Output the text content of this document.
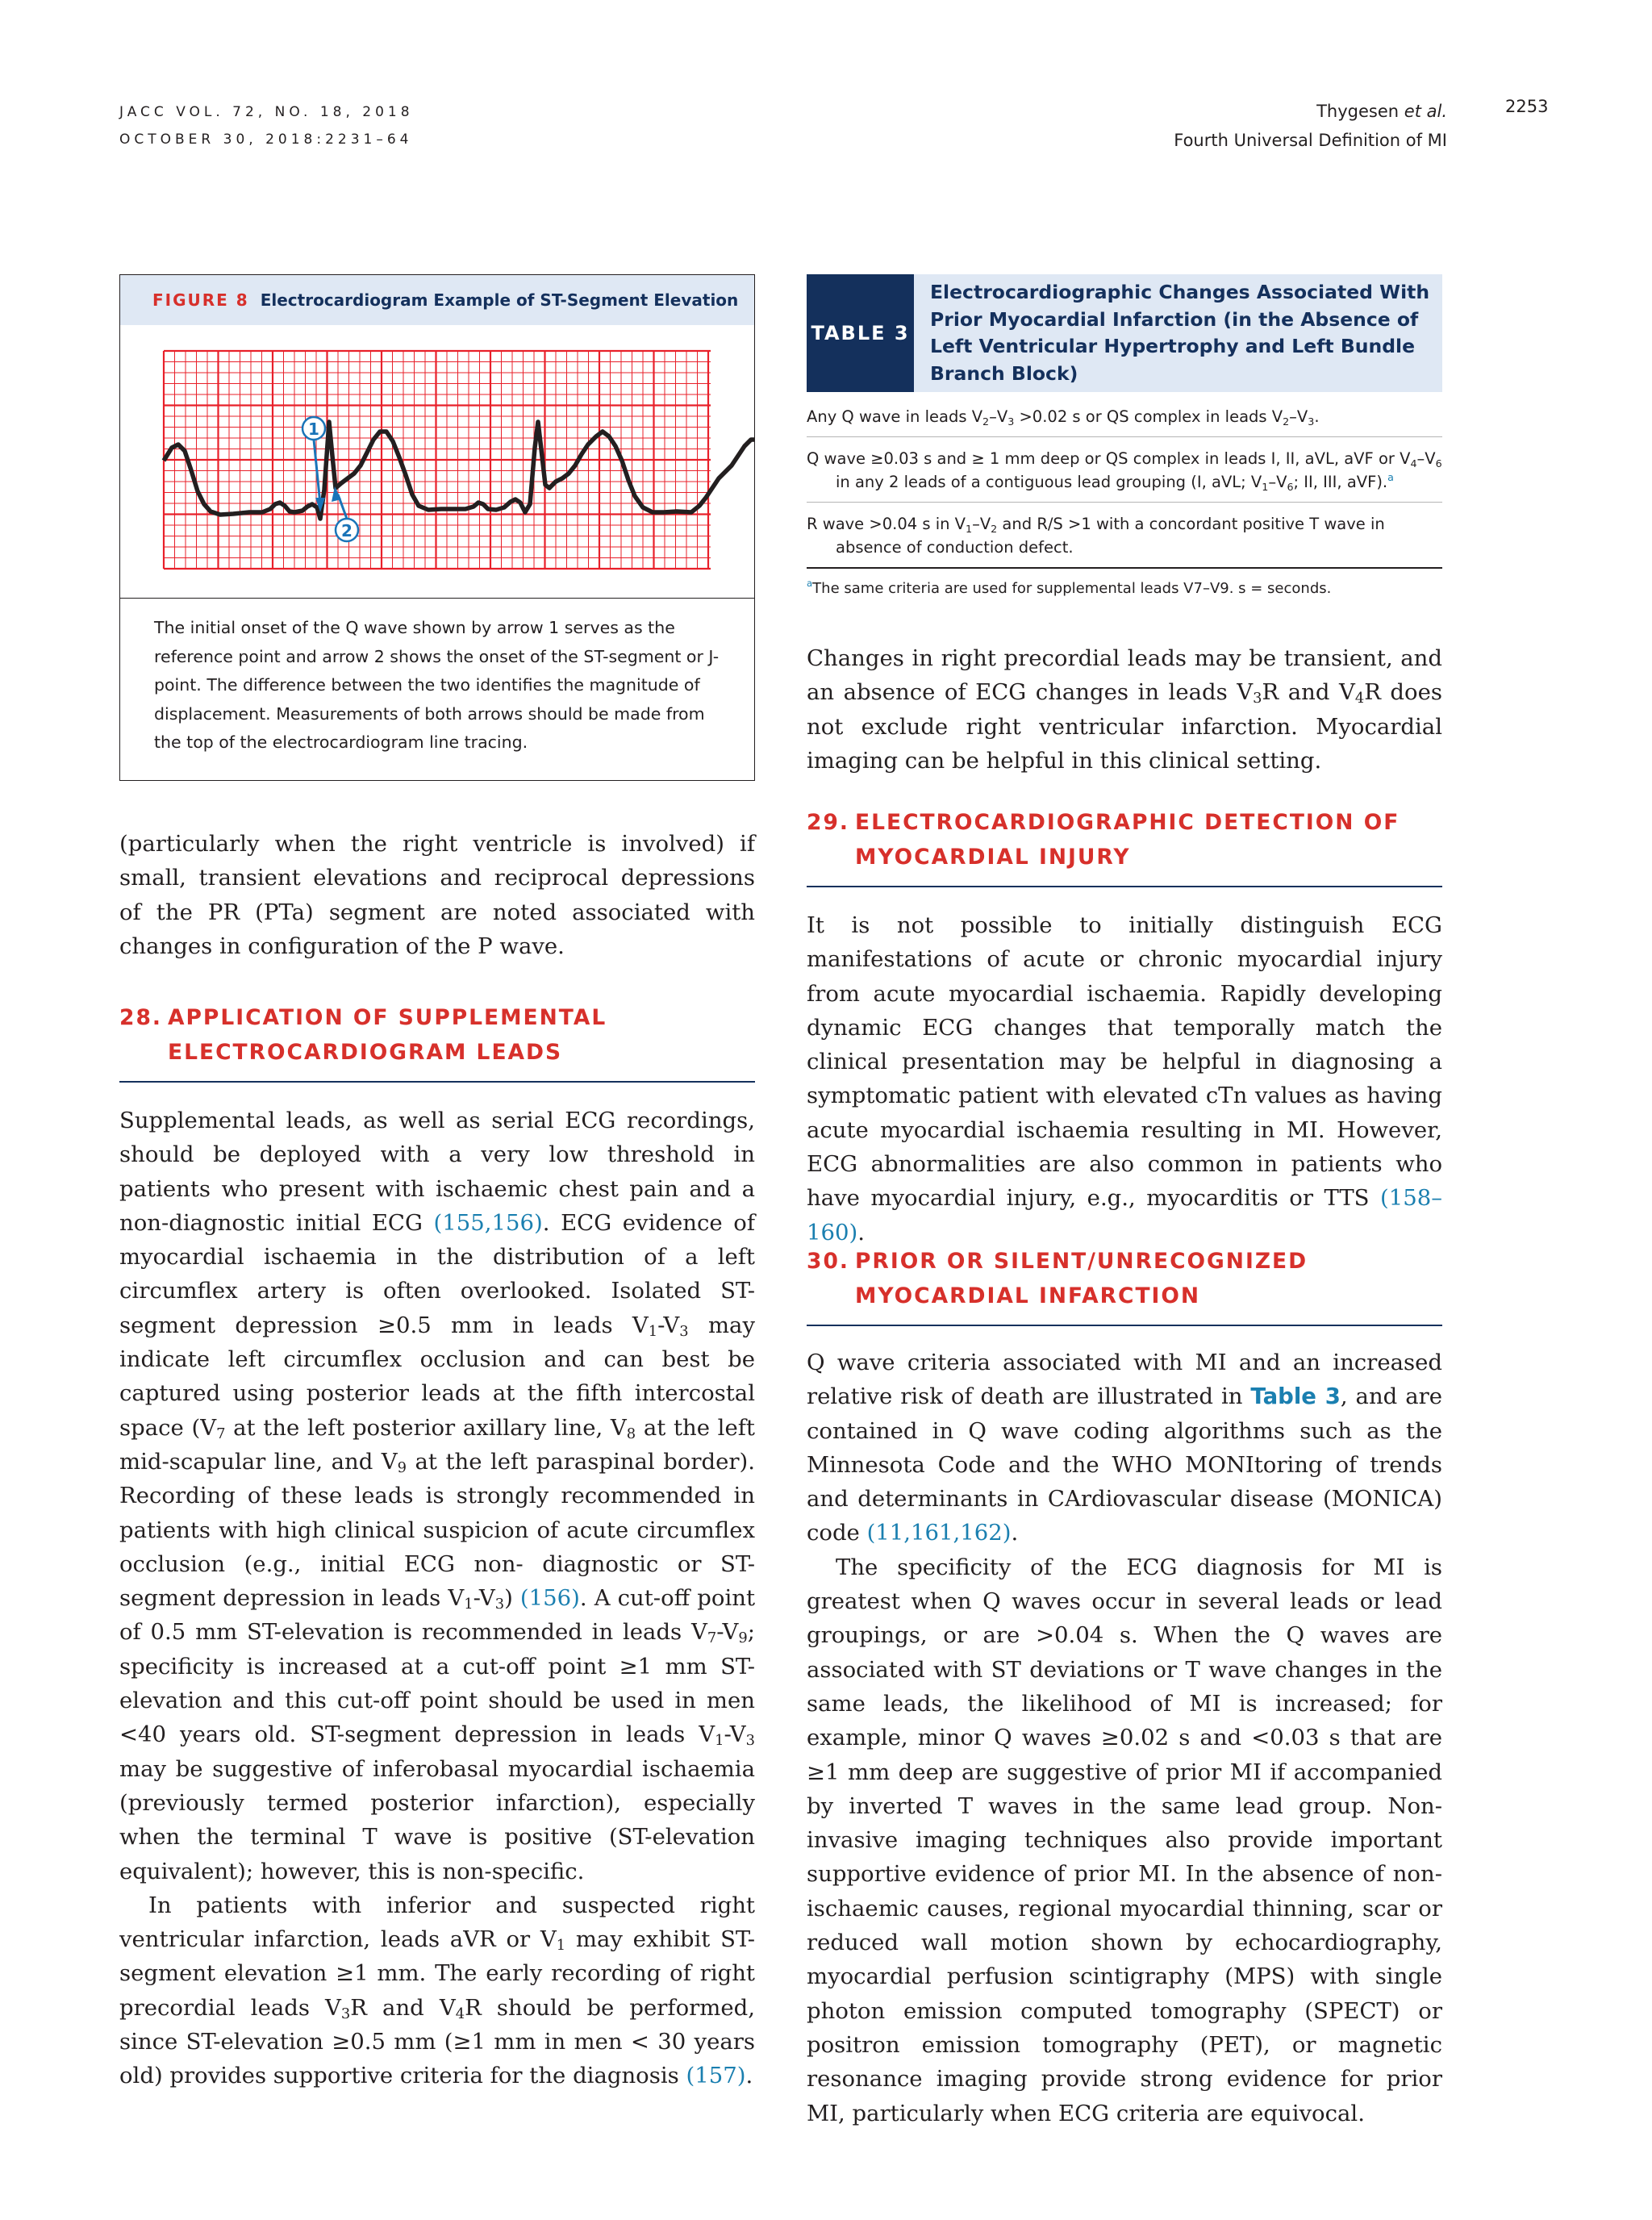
JACC VOL. 72, NO. 18, 2018
OCTOBER 30, 2018:2231–64
Thygesen et al.
Fourth Universal Definition of MI
2253
FIGURE 8 Electrocardiogram Example of ST-Segment Elevation
1
2
The initial onset of the Q wave shown by arrow 1 serves as the reference point and arrow 2 shows the onset of the ST-segment or J-point. The difference between the two identifies the magnitude of displacement. Measurements of both arrows should be made from the top of the electrocardiogram line tracing.
TABLE 3
Electrocardiographic Changes Associated With Prior Myocardial Infarction (in the Absence of Left Ventricular Hypertrophy and Left Bundle Branch Block)
Any Q wave in leads $V_2-V_3 >0.02$ s or QS complex in leads $V_2-V_3$.
Q wave ≥0.03 s and ≥ 1 mm deep or QS complex in leads I, II, aVL, aVF or $V_4-V_6$ in any 2 leads of a contiguous lead grouping (I, aVL; $V_1-V_6$; II, III, aVF).$^a$
R wave >0.04 s in $V_1-V_2$ and R/S >1 with a concordant positive T wave in absence of conduction defect.
$^a$The same criteria are used for supplemental leads V7–V9. s = seconds.

(particularly when the right ventricle is involved) if small, transient elevations and reciprocal depressions of the PR (PTa) segment are noted associated with changes in configuration of the P wave.

28. APPLICATION OF SUPPLEMENTAL
ELECTROCARDIOGRAM LEADS

Supplemental leads, as well as serial ECG recordings, should be deployed with a very low threshold in patients who present with ischaemic chest pain and a non-diagnostic initial ECG (155,156). ECG evidence of myocardial ischaemia in the distribution of a left circumflex artery is often overlooked. Isolated ST-segment depression ≥0.5 mm in leads $V_1-V_3$ may indicate left circumflex occlusion and can best be captured using posterior leads at the fifth intercostal space ($V_7$ at the left posterior axillary line, $V_8$ at the left mid-scapular line, and $V_9$ at the left paraspinal border). Recording of these leads is strongly recommended in patients with high clinical suspicion of acute circumflex occlusion (e.g., initial ECG non- diagnostic or ST-segment depression in leads $V_1-V_3$) (156). A cut-off point of 0.5 mm ST-elevation is recommended in leads $V_7-V_9$; specificity is increased at a cut-off point ≥1 mm ST-elevation and this cut-off point should be used in men <40 years old. ST-segment depression in leads $V_1-V_3$ may be suggestive of inferobasal myocardial ischaemia (previously termed posterior infarction), especially when the terminal T wave is positive (ST-elevation equivalent); however, this is non-specific.

In patients with inferior and suspected right ventricular infarction, leads aVR or $V_1$ may exhibit ST-segment elevation ≥1 mm. The early recording of right precordial leads $V_3R$ and $V_4R$ should be performed, since ST-elevation ≥0.5 mm (≥1 mm in men < 30 years old) provides supportive criteria for the diagnosis (157).

Changes in right precordial leads may be transient, and an absence of ECG changes in leads $V_3R$ and $V_4R$ does not exclude right ventricular infarction. Myocardial imaging can be helpful in this clinical setting.

29. ELECTROCARDIOGRAPHIC DETECTION OF
MYOCARDIAL INJURY

It is not possible to initially distinguish ECG manifestations of acute or chronic myocardial injury from acute myocardial ischaemia. Rapidly developing dynamic ECG changes that temporally match the clinical presentation may be helpful in diagnosing a symptomatic patient with elevated cTn values as having acute myocardial ischaemia resulting in MI. However, ECG abnormalities are also common in patients who have myocardial injury, e.g., myocarditis or TTS (158–160).

30. PRIOR OR SILENT/UNRECOGNIZED
MYOCARDIAL INFARCTION

Q wave criteria associated with MI and an increased relative risk of death are illustrated in Table 3, and are contained in Q wave coding algorithms such as the Minnesota Code and the WHO MONItoring of trends and determinants in CArdiovascular disease (MONICA) code (11,161,162).

The specificity of the ECG diagnosis for MI is greatest when Q waves occur in several leads or lead groupings, or are >0.04 s. When the Q waves are associated with ST deviations or T wave changes in the same leads, the likelihood of MI is increased; for example, minor Q waves ≥0.02 s and <0.03 s that are ≥1 mm deep are suggestive of prior MI if accompanied by inverted T waves in the same lead group. Non-invasive imaging techniques also provide important supportive evidence of prior MI. In the absence of non-ischaemic causes, regional myocardial thinning, scar or reduced wall motion shown by echocardiography, myocardial perfusion scintigraphy (MPS) with single photon emission computed tomography (SPECT) or positron emission tomography (PET), or magnetic resonance imaging provide strong evidence for prior MI, particularly when ECG criteria are equivocal.
